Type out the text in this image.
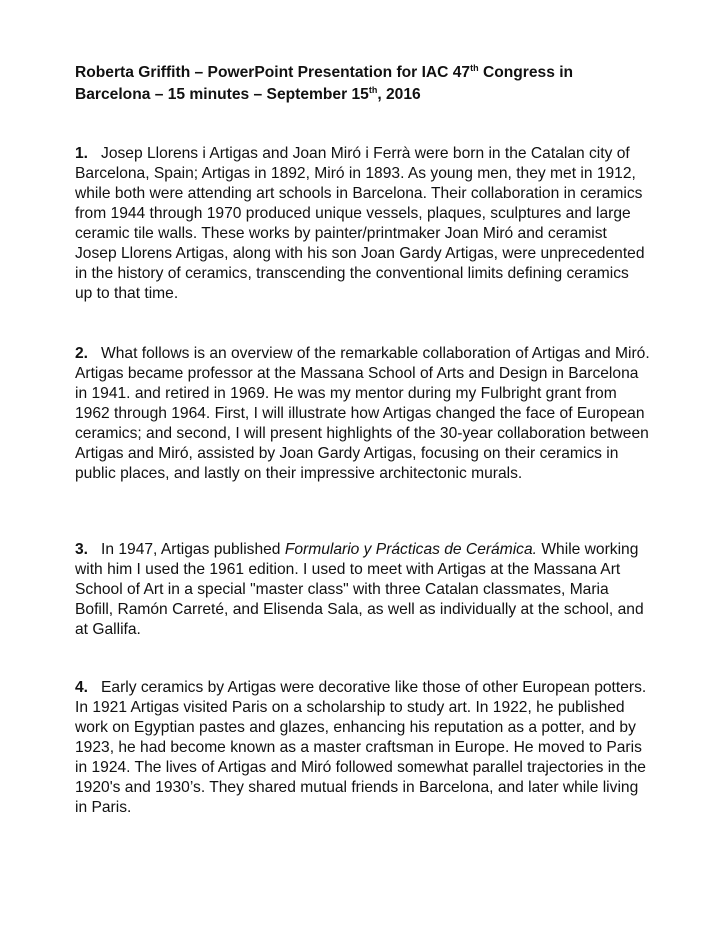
Roberta Griffith – PowerPoint Presentation for IAC 47th Congress in
Barcelona – 15 minutes – September 15th, 2016

1. Josep Llorens i Artigas and Joan Miró i Ferrà were born in the Catalan city of Barcelona, Spain; Artigas in 1892, Miró in 1893. As young men, they met in 1912, while both were attending art schools in Barcelona. Their collaboration in ceramics from 1944 through 1970 produced unique vessels, plaques, sculptures and large ceramic tile walls. These works by painter/printmaker Joan Miró and ceramist Josep Llorens Artigas, along with his son Joan Gardy Artigas, were unprecedented in the history of ceramics, transcending the conventional limits defining ceramics up to that time.

2. What follows is an overview of the remarkable collaboration of Artigas and Miró. Artigas became professor at the Massana School of Arts and Design in Barcelona in 1941. and retired in 1969. He was my mentor during my Fulbright grant from 1962 through 1964. First, I will illustrate how Artigas changed the face of European ceramics; and second, I will present highlights of the 30-year collaboration between Artigas and Miró, assisted by Joan Gardy Artigas, focusing on their ceramics in public places, and lastly on their impressive architectonic murals.

3. In 1947, Artigas published Formulario y Prácticas de Cerámica. While working with him I used the 1961 edition. I used to meet with Artigas at the Massana Art School of Art in a special "master class" with three Catalan classmates, Maria Bofill, Ramón Carreté, and Elisenda Sala, as well as individually at the school, and at Gallifa.

4. Early ceramics by Artigas were decorative like those of other European potters. In 1921 Artigas visited Paris on a scholarship to study art. In 1922, he published work on Egyptian pastes and glazes, enhancing his reputation as a potter, and by 1923, he had become known as a master craftsman in Europe. He moved to Paris in 1924. The lives of Artigas and Miró followed somewhat parallel trajectories in the 1920's and 1930’s. They shared mutual friends in Barcelona, and later while living in Paris.
